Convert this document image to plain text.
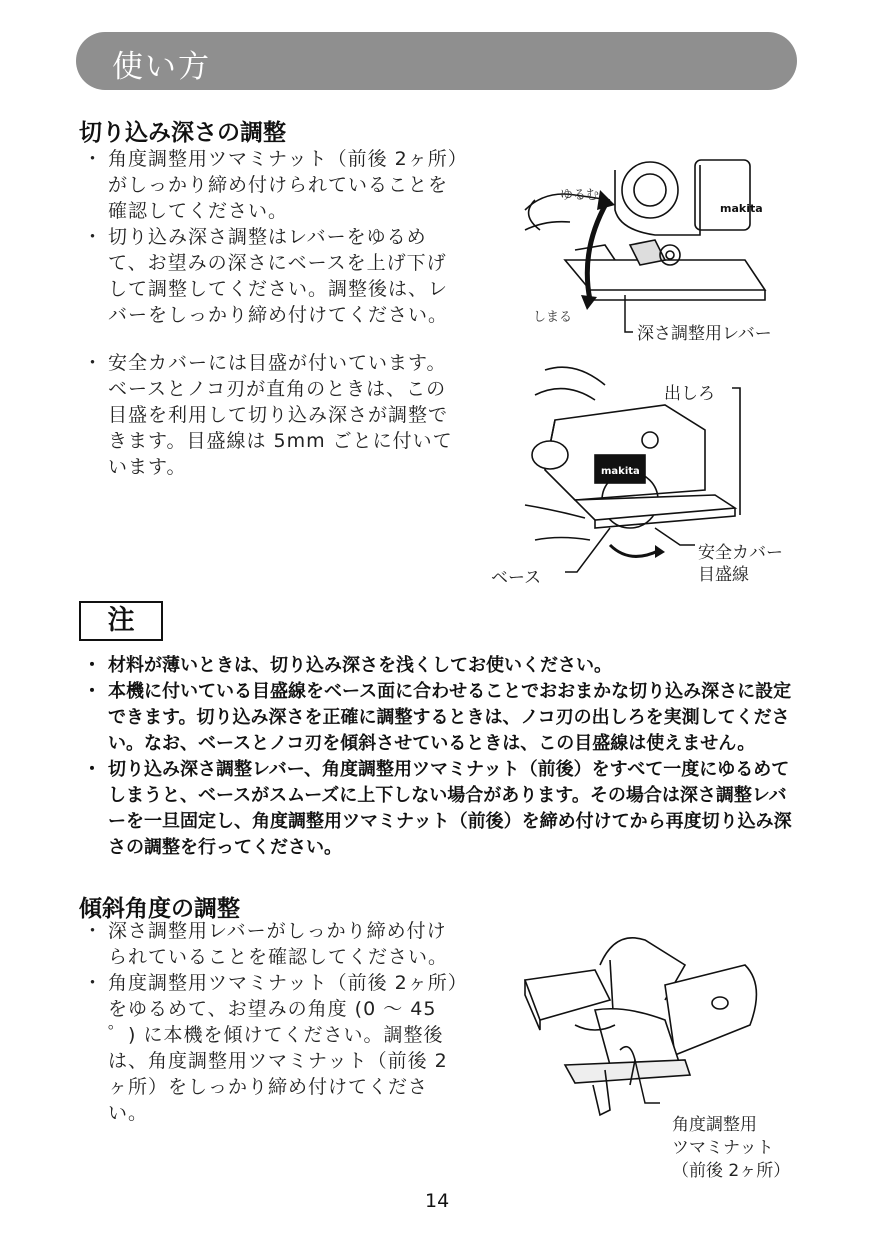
使い方
切り込み深さの調整
・ 角度調整用ツマミナット（前後 2ヶ所）がしっかり締め付けられていることを確認してください。
・ 切り込み深さ調整はレバーをゆるめて、お望みの深さにベースを上げ下げして調整してください。調整後は、レバーをしっかり締め付けてください。
・ 安全カバーには目盛が付いています。ベースとノコ刃が直角のときは、この目盛を利用して切り込み深さが調整できます。目盛線は 5mm ごとに付いています。
makita
ゆるむ
しまる
深さ調整用レバー
makita
出しろ
安全カバー
目盛線
ベース
注
・ 材料が薄いときは、切り込み深さを浅くしてお使いください。
・ 本機に付いている目盛線をベース面に合わせることでおおまかな切り込み深さに設定できます。切り込み深さを正確に調整するときは、ノコ刃の出しろを実測してください。なお、ベースとノコ刃を傾斜させているときは、この目盛線は使えません。
・ 切り込み深さ調整レバー、角度調整用ツマミナット（前後）をすべて一度にゆるめてしまうと、ベースがスムーズに上下しない場合があります。その場合は深さ調整レバーを一旦固定し、角度調整用ツマミナット（前後）を締め付けてから再度切り込み深さの調整を行ってください。
傾斜角度の調整
・ 深さ調整用レバーがしっかり締め付けられていることを確認してください。
・ 角度調整用ツマミナット（前後 2ヶ所）をゆるめて、お望みの角度 (0 ～ 45 ゜) に本機を傾けてください。調整後は、角度調整用ツマミナット（前後 2ヶ所）をしっかり締め付けてください。
角度調整用
ツマミナット
（前後 2ヶ所）
14
